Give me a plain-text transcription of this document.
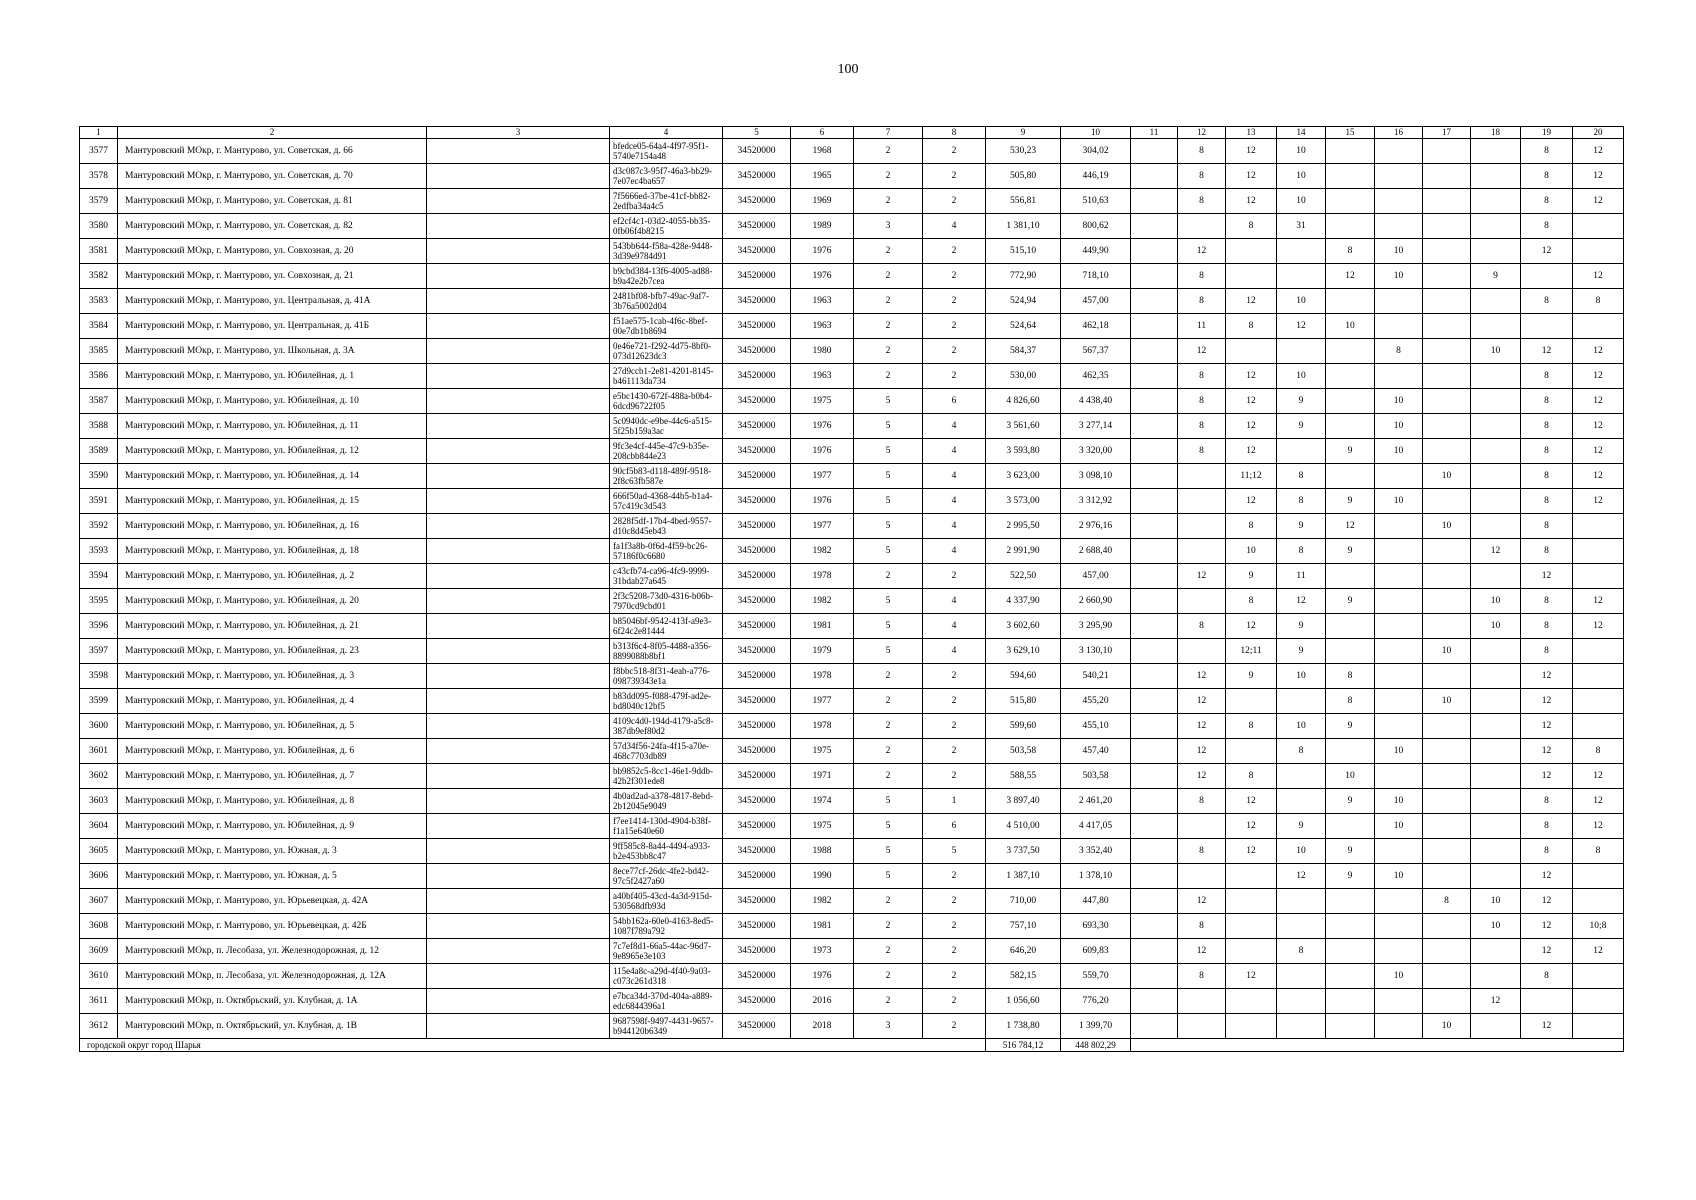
100
1	2	3	4	5	6	7	8	9	10	11	12	13	14	15	16	17	18	19	20
3577	Мантуровский МОкр, г. Мантурово, ул. Советская, д. 66		bfedce05-64a4-4f97-95f1-5740e7154a48	34520000	1968	2	2	530,23	304,02		8	12	10					8	12
3578	Мантуровский МОкр, г. Мантурово, ул. Советская, д. 70		d3c087c3-95f7-46a3-bb29-7e07ec4ba657	34520000	1965	2	2	505,80	446,19		8	12	10					8	12
3579	Мантуровский МОкр, г. Мантурово, ул. Советская, д. 81		7f5666ed-37be-41cf-bb82-2edfba34a4c5	34520000	1969	2	2	556,81	510,63		8	12	10					8	12
3580	Мантуровский МОкр, г. Мантурово, ул. Советская, д. 82		ef2cf4c1-03d2-4055-bb35-0fb06f4b8215	34520000	1989	3	4	1 381,10	800,62			8	31					8	
3581	Мантуровский МОкр, г. Мантурово, ул. Совхозная, д. 20		543bb644-f58a-428e-9448-3d39e9784d91	34520000	1976	2	2	515,10	449,90		12			8	10			12	
3582	Мантуровский МОкр, г. Мантурово, ул. Совхозная, д. 21		b9cbd384-13f6-4005-ad88-b9a42e2b7cea	34520000	1976	2	2	772,90	718,10		8			12	10		9		12
3583	Мантуровский МОкр, г. Мантурово, ул. Центральная, д. 41А		2481bf08-bfb7-49ac-9af7-3b76a5002d04	34520000	1963	2	2	524,94	457,00		8	12	10					8	8
3584	Мантуровский МОкр, г. Мантурово, ул. Центральная, д. 41Б		f51ae575-1cab-4f6c-8bef-00e7db1b8694	34520000	1963	2	2	524,64	462,18		11	8	12	10					
3585	Мантуровский МОкр, г. Мантурово, ул. Школьная, д. 3А		0e46e721-f292-4d75-8bf0-073d12623dc3	34520000	1980	2	2	584,37	567,37		12				8		10	12	12
3586	Мантуровский МОкр, г. Мантурово, ул. Юбилейная, д. 1		27d9ccb1-2e81-4201-8145-b461113da734	34520000	1963	2	2	530,00	462,35		8	12	10					8	12
3587	Мантуровский МОкр, г. Мантурово, ул. Юбилейная, д. 10		e5bc1430-672f-488a-b0b4-6dcd96722f05	34520000	1975	5	6	4 826,60	4 438,40		8	12	9		10			8	12
3588	Мантуровский МОкр, г. Мантурово, ул. Юбилейная, д. 11		5c0940dc-e9be-44c6-a515-5f25b159a3ac	34520000	1976	5	4	3 561,60	3 277,14		8	12	9		10			8	12
3589	Мантуровский МОкр, г. Мантурово, ул. Юбилейная, д. 12		9fc3e4cf-445e-47c9-b35e-208cbb844e23	34520000	1976	5	4	3 593,80	3 320,00		8	12		9	10			8	12
3590	Мантуровский МОкр, г. Мантурово, ул. Юбилейная, д. 14		90cf5b83-d118-489f-9518-2f8c63fb587e	34520000	1977	5	4	3 623,00	3 098,10			11;12	8			10		8	12
3591	Мантуровский МОкр, г. Мантурово, ул. Юбилейная, д. 15		666f50ad-4368-44b5-b1a4-57c419c3d543	34520000	1976	5	4	3 573,00	3 312,92			12	8	9	10			8	12
3592	Мантуровский МОкр, г. Мантурово, ул. Юбилейная, д. 16		2828f5df-17b4-4bed-9557-d10c8d45eb43	34520000	1977	5	4	2 995,50	2 976,16			8	9	12		10		8	
3593	Мантуровский МОкр, г. Мантурово, ул. Юбилейная, д. 18		fa1f3a8b-0f6d-4f59-bc26-57186f0c6680	34520000	1982	5	4	2 991,90	2 688,40			10	8	9			12	8	
3594	Мантуровский МОкр, г. Мантурово, ул. Юбилейная, д. 2		c43cfb74-ca96-4fc9-9999-31bdab27a645	34520000	1978	2	2	522,50	457,00		12	9	11					12	
3595	Мантуровский МОкр, г. Мантурово, ул. Юбилейная, д. 20		2f3c5208-73d0-4316-b06b-7970cd9cbd01	34520000	1982	5	4	4 337,90	2 660,90			8	12	9			10	8	12
3596	Мантуровский МОкр, г. Мантурово, ул. Юбилейная, д. 21		b85046bf-9542-413f-a9e3-6f24c2e81444	34520000	1981	5	4	3 602,60	3 295,90		8	12	9				10	8	12
3597	Мантуровский МОкр, г. Мантурово, ул. Юбилейная, д. 23		b313f6c4-8f05-4488-a356-8899088b8bf1	34520000	1979	5	4	3 629,10	3 130,10			12;11	9			10		8	
3598	Мантуровский МОкр, г. Мантурово, ул. Юбилейная, д. 3		f8bbc518-8f31-4eab-a776-098739343e1a	34520000	1978	2	2	594,60	540,21		12	9	10	8				12	
3599	Мантуровский МОкр, г. Мантурово, ул. Юбилейная, д. 4		b83dd095-f088-479f-ad2e-bd8040c12bf5	34520000	1977	2	2	515,80	455,20		12			8		10		12	
3600	Мантуровский МОкр, г. Мантурово, ул. Юбилейная, д. 5		4109c4d0-194d-4179-a5c8-387db9ef80d2	34520000	1978	2	2	599,60	455,10		12	8	10	9				12	
3601	Мантуровский МОкр, г. Мантурово, ул. Юбилейная, д. 6		57d34f56-24fa-4f15-a70e-468c7703db89	34520000	1975	2	2	503,58	457,40		12		8		10			12	8
3602	Мантуровский МОкр, г. Мантурово, ул. Юбилейная, д. 7		bb9852c5-8cc1-46e1-9ddb-42b2f301ede8	34520000	1971	2	2	588,55	503,58		12	8		10				12	12
3603	Мантуровский МОкр, г. Мантурово, ул. Юбилейная, д. 8		4b0ad2ad-a378-4817-8ebd-2b12045e9049	34520000	1974	5	1	3 897,40	2 461,20		8	12		9	10			8	12
3604	Мантуровский МОкр, г. Мантурово, ул. Юбилейная, д. 9		f7ee1414-130d-4904-b38f-f1a15e640e60	34520000	1975	5	6	4 510,00	4 417,05			12	9		10			8	12
3605	Мантуровский МОкр, г. Мантурово, ул. Южная, д. 3		9ff585c8-8a44-4494-a933-b2e453bb8c47	34520000	1988	5	5	3 737,50	3 352,40		8	12	10	9				8	8
3606	Мантуровский МОкр, г. Мантурово, ул. Южная, д. 5		8ece77cf-26dc-4fe2-bd42-97c5f2427a60	34520000	1990	5	2	1 387,10	1 378,10				12	9	10			12	
3607	Мантуровский МОкр, г. Мантурово, ул. Юрьевецкая, д. 42А		a40bf405-43cd-4a3d-915d-530568dfb93d	34520000	1982	2	2	710,00	447,80		12					8	10	12	
3608	Мантуровский МОкр, г. Мантурово, ул. Юрьевецкая, д. 42Б		54bb162a-60e0-4163-8ed5-1087f789a792	34520000	1981	2	2	757,10	693,30		8						10	12	10;8
3609	Мантуровский МОкр, п. Лесобаза, ул. Железнодорожная, д. 12		7c7ef8d1-66a5-44ac-96d7-9e8965e3e103	34520000	1973	2	2	646,20	609,83		12		8					12	12
3610	Мантуровский МОкр, п. Лесобаза, ул. Железнодорожная, д. 12А		115e4a8c-a29d-4f40-9a03-c073c261d318	34520000	1976	2	2	582,15	559,70		8	12			10			8	
3611	Мантуровский МОкр, п. Октябрьский, ул. Клубная, д. 1А		e7bca34d-370d-404a-a889-edc6844396a1	34520000	2016	2	2	1 056,60	776,20								12		
3612	Мантуровский МОкр, п. Октябрьский, ул. Клубная, д. 1В		9687598f-9497-4431-9657-b944120b6349	34520000	2018	3	2	1 738,80	1 399,70							10		12	
городской округ город Шарья								516 784,12	448 802,29										
